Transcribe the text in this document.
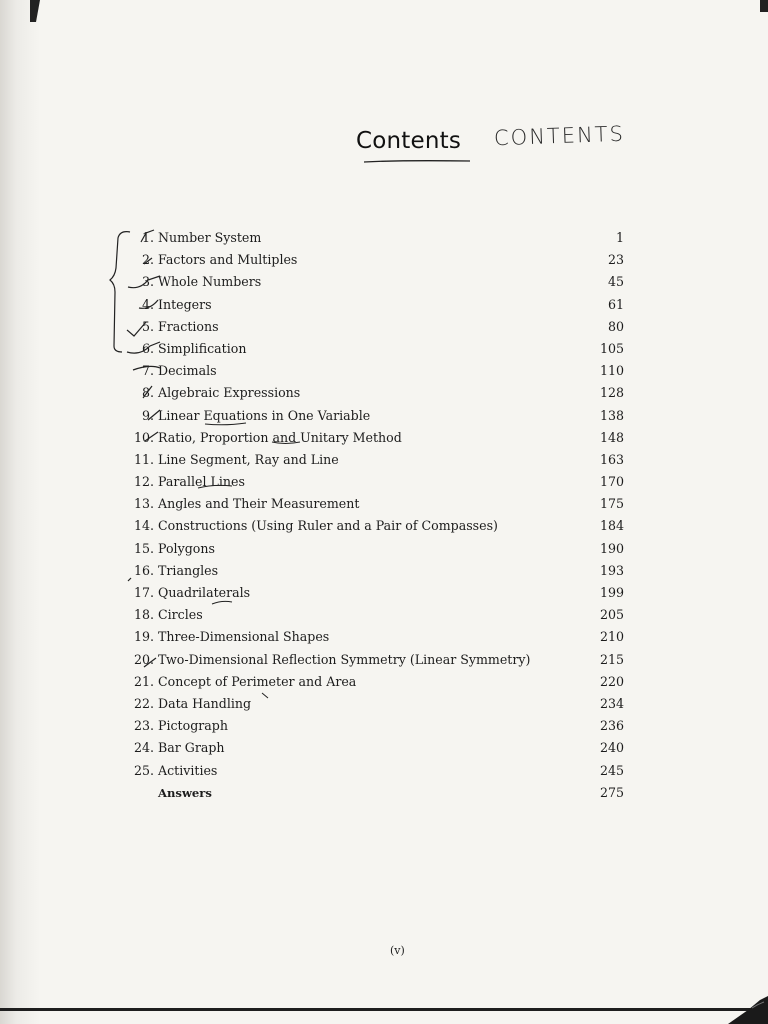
Contents CONTENTS
1. Number System	1
2. Factors and Multiples	23
3. Whole Numbers	45
4. Integers	61
5. Fractions	80
6. Simplification	105
7. Decimals	110
8. Algebraic Expressions	128
9. Linear Equations in One Variable	138
10. Ratio, Proportion and Unitary Method	148
11. Line Segment, Ray and Line	163
12. Parallel Lines	170
13. Angles and Their Measurement	175
14. Constructions (Using Ruler and a Pair of Compasses)	184
15. Polygons	190
16. Triangles	193
17. Quadrilaterals	199
18. Circles	205
19. Three-Dimensional Shapes	210
20. Two-Dimensional Reflection Symmetry (Linear Symmetry)	215
21. Concept of Perimeter and Area	220
22. Data Handling	234
23. Pictograph	236
24. Bar Graph	240
25. Activities	245
Answers	275
(v)
